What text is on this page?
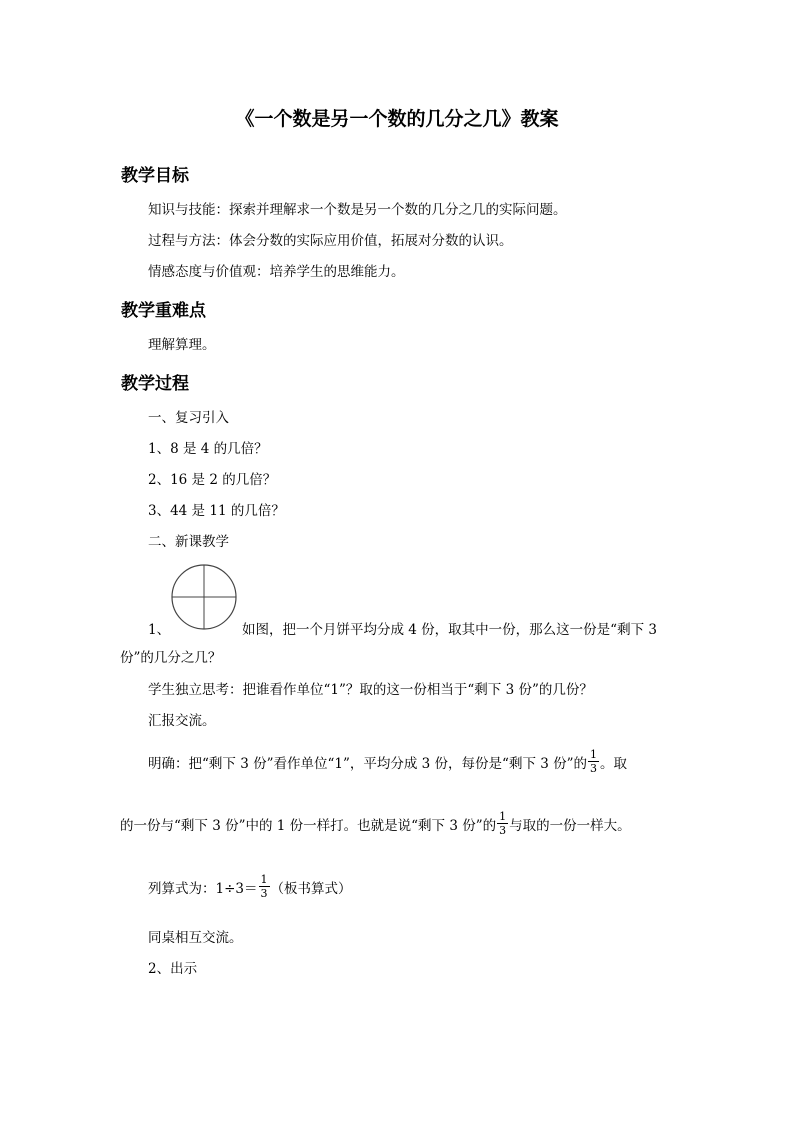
《一个数是另一个数的几分之几》教案
教学目标
知识与技能：探索并理解求一个数是另一个数的几分之几的实际问题。
过程与方法：体会分数的实际应用价值，拓展对分数的认识。
情感态度与价值观：培养学生的思维能力。
教学重难点
理解算理。
教学过程
一、复习引入
1、8 是 4 的几倍？
2、16 是 2 的几倍？
3、44 是 11 的几倍？
二、新课教学
1、	如图，把一个月饼平均分成 4 份，取其中一份，那么这一份是“剩下 3
份”的几分之几？
学生独立思考：把谁看作单位“1”？取的这一份相当于“剩下 3 份”的几份？
汇报交流。
明确：把“剩下 3 份”看作单位“1”，平均分成 3 份，每份是“剩下 3 份”的 $\frac{1}{3}$ 。取
的一份与“剩下 3 份”中的 1 份一样打。也就是说“剩下 3 份”的 $\frac{1}{3}$ 与取的一份一样大。
列算式为：$1\div 3= \frac{1}{3}$ （板书算式）
同桌相互交流。
2、出示
